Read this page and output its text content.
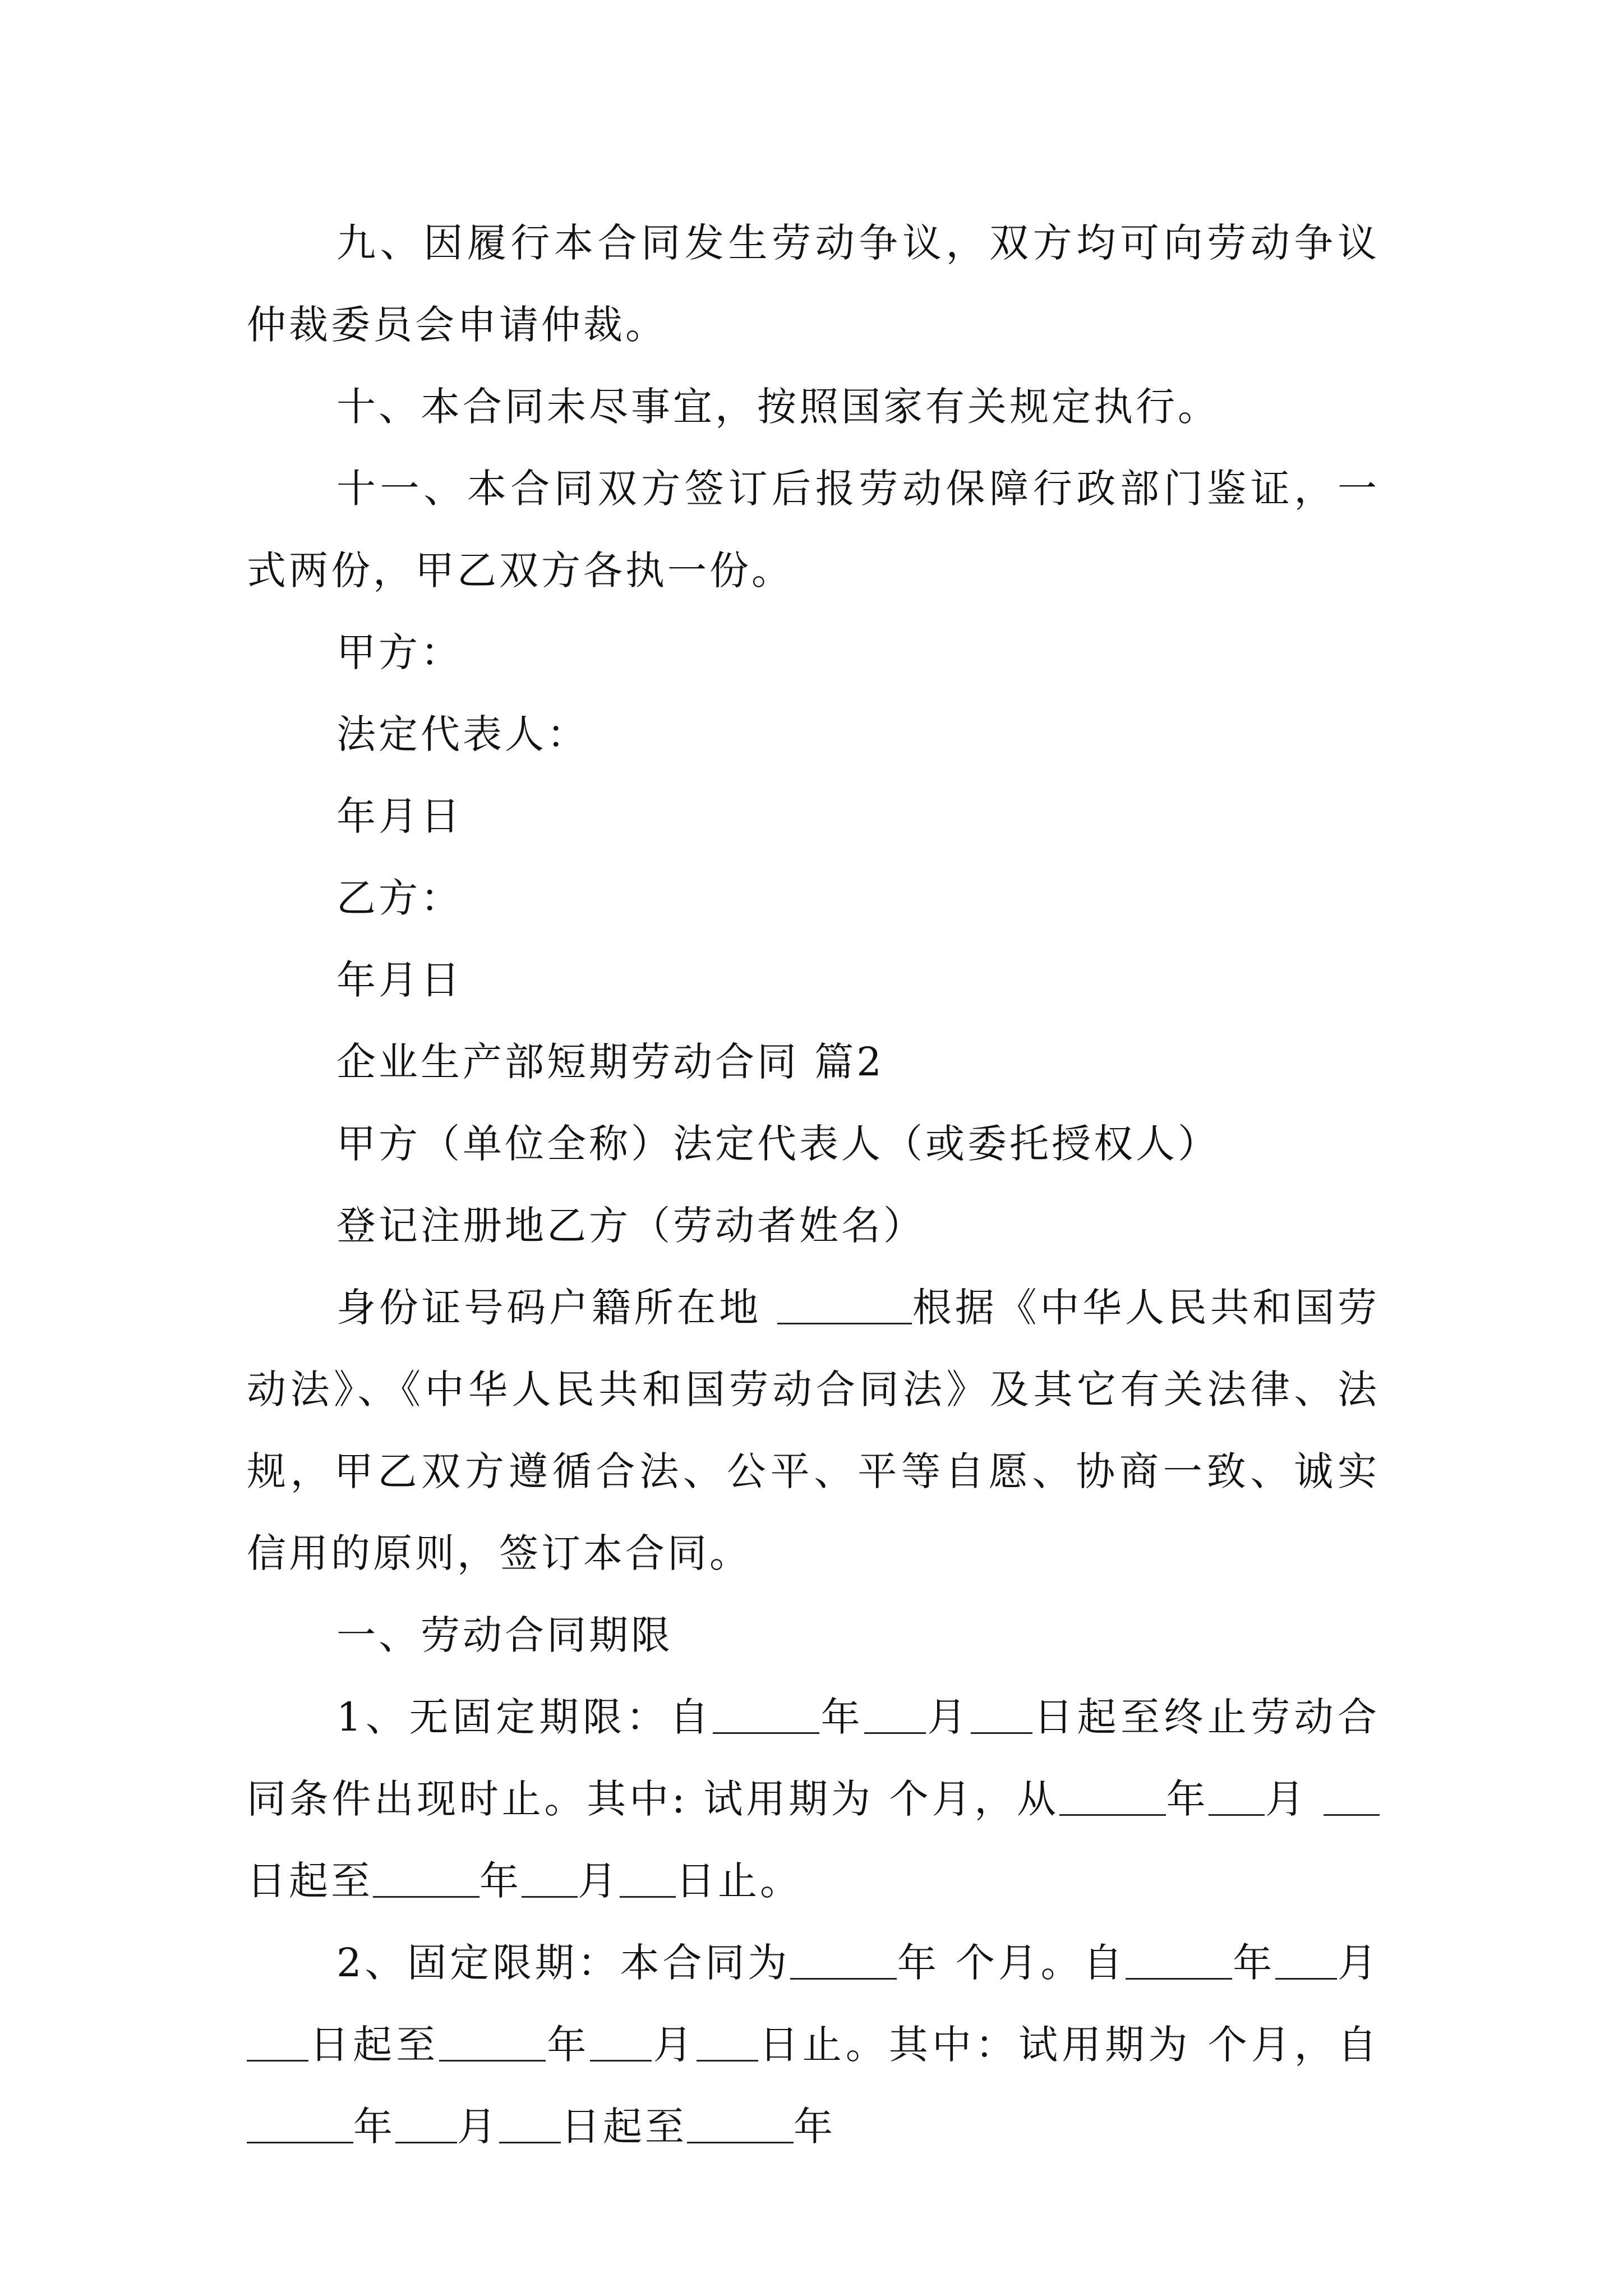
九、因履行本合同发生劳动争议，双方均可向劳动争议仲裁委员会申请仲裁。

十、本合同未尽事宜，按照国家有关规定执行。

十一、本合同双方签订后报劳动保障行政部门鉴证，一式两份，甲乙双方各执一份。

甲方：

法定代表人：

年月日

乙方：

年月日

企业生产部短期劳动合同 篇2

甲方（单位全称）法定代表人（或委托授权人）

登记注册地乙方（劳动者姓名）

身份证号码户籍所在地	根据《中华人民共和国劳动法》、《中华人民共和国劳动合同法》及其它有关法律、法规，甲乙双方遵循合法、公平、平等自愿、协商一致、诚实信用的原则，签订本合同。

一、劳动合同期限

1、无固定期限：自	年 月 日起至终止劳动合同条件出现时止。其中: 试用期为 个月，从	年 月 日起至	年 月 日止。

2、固定限期：本合同为	年 个月。自	年 月日起至	年 月 日止。其中：试用期为 个月，自年 月 日起至	年
